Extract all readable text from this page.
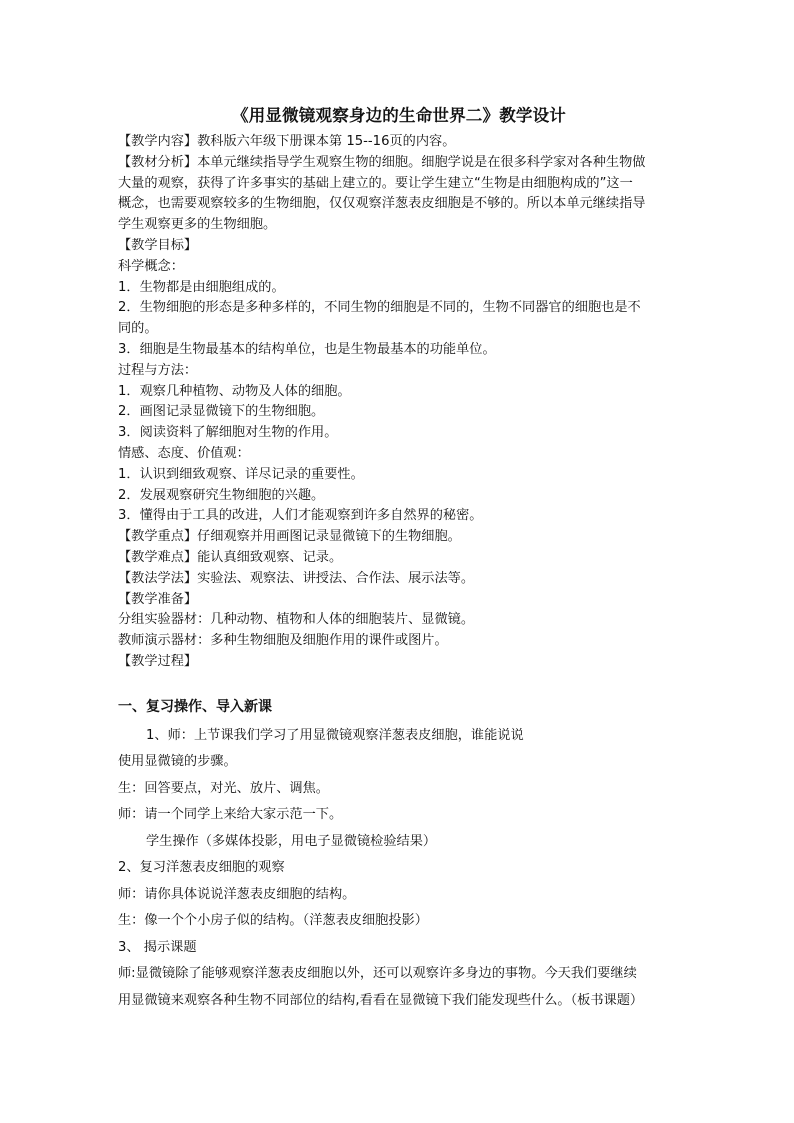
《用显微镜观察身边的生命世界二》教学设计

【教学内容】教科版六年级下册课本第 15--16页的内容。

【教材分析】本单元继续指导学生观察生物的细胞。细胞学说是在很多科学家对各种生物做

大量的观察，获得了许多事实的基础上建立的。要让学生建立“生物是由细胞构成的”这一

概念，也需要观察较多的生物细胞，仅仅观察洋葱表皮细胞是不够的。所以本单元继续指导

学生观察更多的生物细胞。

【教学目标】

科学概念：

1．生物都是由细胞组成的。

2．生物细胞的形态是多种多样的，不同生物的细胞是不同的，生物不同器官的细胞也是不

同的。

3．细胞是生物最基本的结构单位，也是生物最基本的功能单位。

过程与方法：

1．观察几种植物、动物及人体的细胞。

2．画图记录显微镜下的生物细胞。

3．阅读资料了解细胞对生物的作用。

情感、态度、价值观：

1．认识到细致观察、详尽记录的重要性。

2．发展观察研究生物细胞的兴趣。

3．懂得由于工具的改进，人们才能观察到许多自然界的秘密。

【教学重点】仔细观察并用画图记录显微镜下的生物细胞。

【教学难点】能认真细致观察、记录。

【教法学法】实验法、观察法、讲授法、合作法、展示法等。

【教学准备】

分组实验器材：几种动物、植物和人体的细胞装片、显微镜。

教师演示器材：多种生物细胞及细胞作用的课件或图片。

【教学过程】

一、复习操作、导入新课

1、师：上节课我们学习了用显微镜观察洋葱表皮细胞，谁能说说

使用显微镜的步骤。

生：回答要点，对光、放片、调焦。

师：请一个同学上来给大家示范一下。

学生操作（多媒体投影，用电子显微镜检验结果）

2、复习洋葱表皮细胞的观察

师：请你具体说说洋葱表皮细胞的结构。

生：像一个个小房子似的结构。（洋葱表皮细胞投影）

3、 揭示课题

师:显微镜除了能够观察洋葱表皮细胞以外，还可以观察许多身边的事物。今天我们要继续

用显微镜来观察各种生物不同部位的结构,看看在显微镜下我们能发现些什么。（板书课题）
